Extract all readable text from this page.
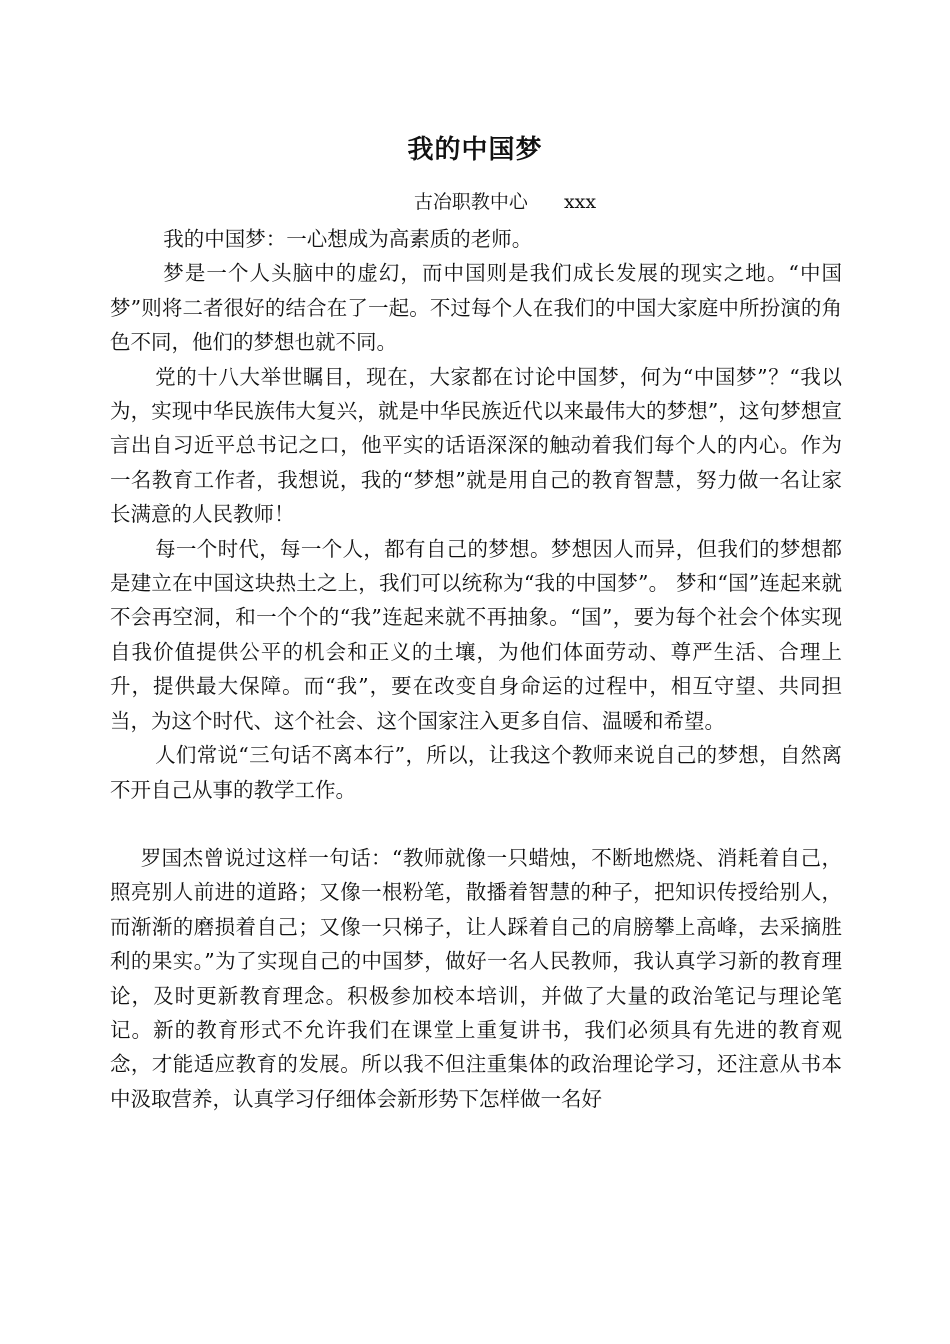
我的中国梦
古冶职教中心 xxx

我的中国梦：一心想成为高素质的老师。

梦是一个人头脑中的虚幻，而中国则是我们成长发展的现实之地。“中国梦”则将二者很好的结合在了一起。不过每个人在我们的中国大家庭中所扮演的角色不同，他们的梦想也就不同。

党的十八大举世瞩目，现在，大家都在讨论中国梦，何为“中国梦”？“我以为，实现中华民族伟大复兴，就是中华民族近代以来最伟大的梦想”，这句梦想宣言出自习近平总书记之口，他平实的话语深深的触动着我们每个人的内心。作为一名教育工作者，我想说，我的“梦想”就是用自己的教育智慧，努力做一名让家长满意的人民教师！

每一个时代，每一个人，都有自己的梦想。梦想因人而异，但我们的梦想都是建立在中国这块热土之上，我们可以统称为“我的中国梦”。 梦和“国”连起来就不会再空洞，和一个个的“我”连起来就不再抽象。“国”，要为每个社会个体实现自我价值提供公平的机会和正义的土壤，为他们体面劳动、尊严生活、合理上升，提供最大保障。而“我”，要在改变自身命运的过程中，相互守望、共同担当，为这个时代、这个社会、这个国家注入更多自信、温暖和希望。

人们常说“三句话不离本行”，所以，让我这个教师来说自己的梦想，自然离不开自己从事的教学工作。

罗国杰曾说过这样一句话：“教师就像一只蜡烛，不断地燃烧、消耗着自己，照亮别人前进的道路；又像一根粉笔，散播着智慧的种子，把知识传授给别人，而渐渐的磨损着自己；又像一只梯子，让人踩着自己的肩膀攀上高峰，去采摘胜利的果实。”为了实现自己的中国梦，做好一名人民教师，我认真学习新的教育理论，及时更新教育理念。积极参加校本培训，并做了大量的政治笔记与理论笔记。新的教育形式不允许我们在课堂上重复讲书，我们必须具有先进的教育观念，才能适应教育的发展。所以我不但注重集体的政治理论学习，还注意从书本中汲取营养，认真学习仔细体会新形势下怎样做一名好
